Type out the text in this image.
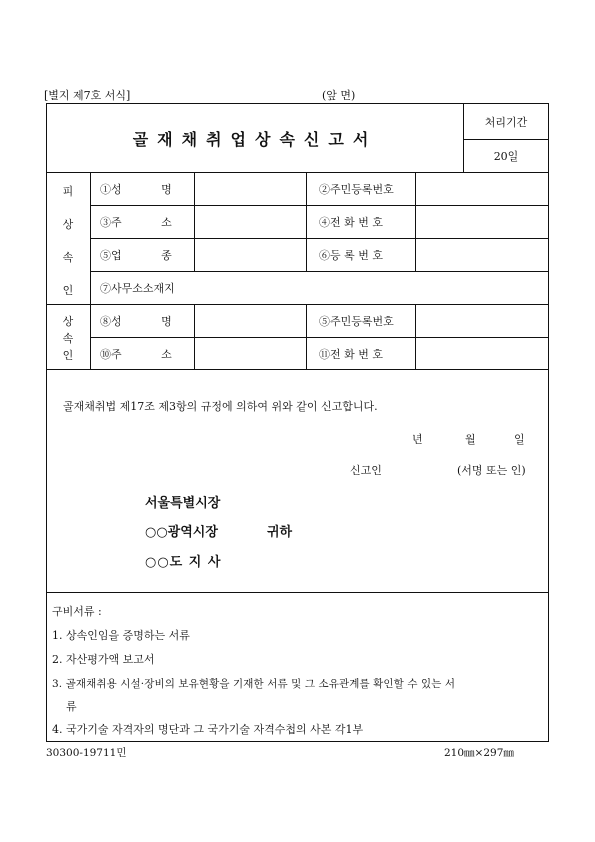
[별지 제7호 서식]	(앞 면)
골재채취업상속신고서
처리기간
20일
피
상
속
인
①성 명	②주민등록번호
③주 소	④전 화 번 호
⑤업 종	⑥등 록 번 호
⑦사무소소재지
상
속
인
⑧성 명	⑤주민등록번호
⑩주 소	⑪전 화 번 호
골재채취법 제17조 제3항의 규정에 의하여 위와 같이 신고합니다.
년	월	일
신고인	(서명 또는 인)
서울특별시장
○○광역시장	귀하
○○도 지 사
구비서류 :
1. 상속인임을 증명하는 서류
2. 자산평가액 보고서
3. 골재채취용 시설·장비의 보유현황을 기재한 서류 및 그 소유관계를 확인할 수 있는 서
류
4. 국가기술 자격자의 명단과 그 국가기술 자격수첩의 사본 각1부
30300-19711민	210㎜×297㎜
